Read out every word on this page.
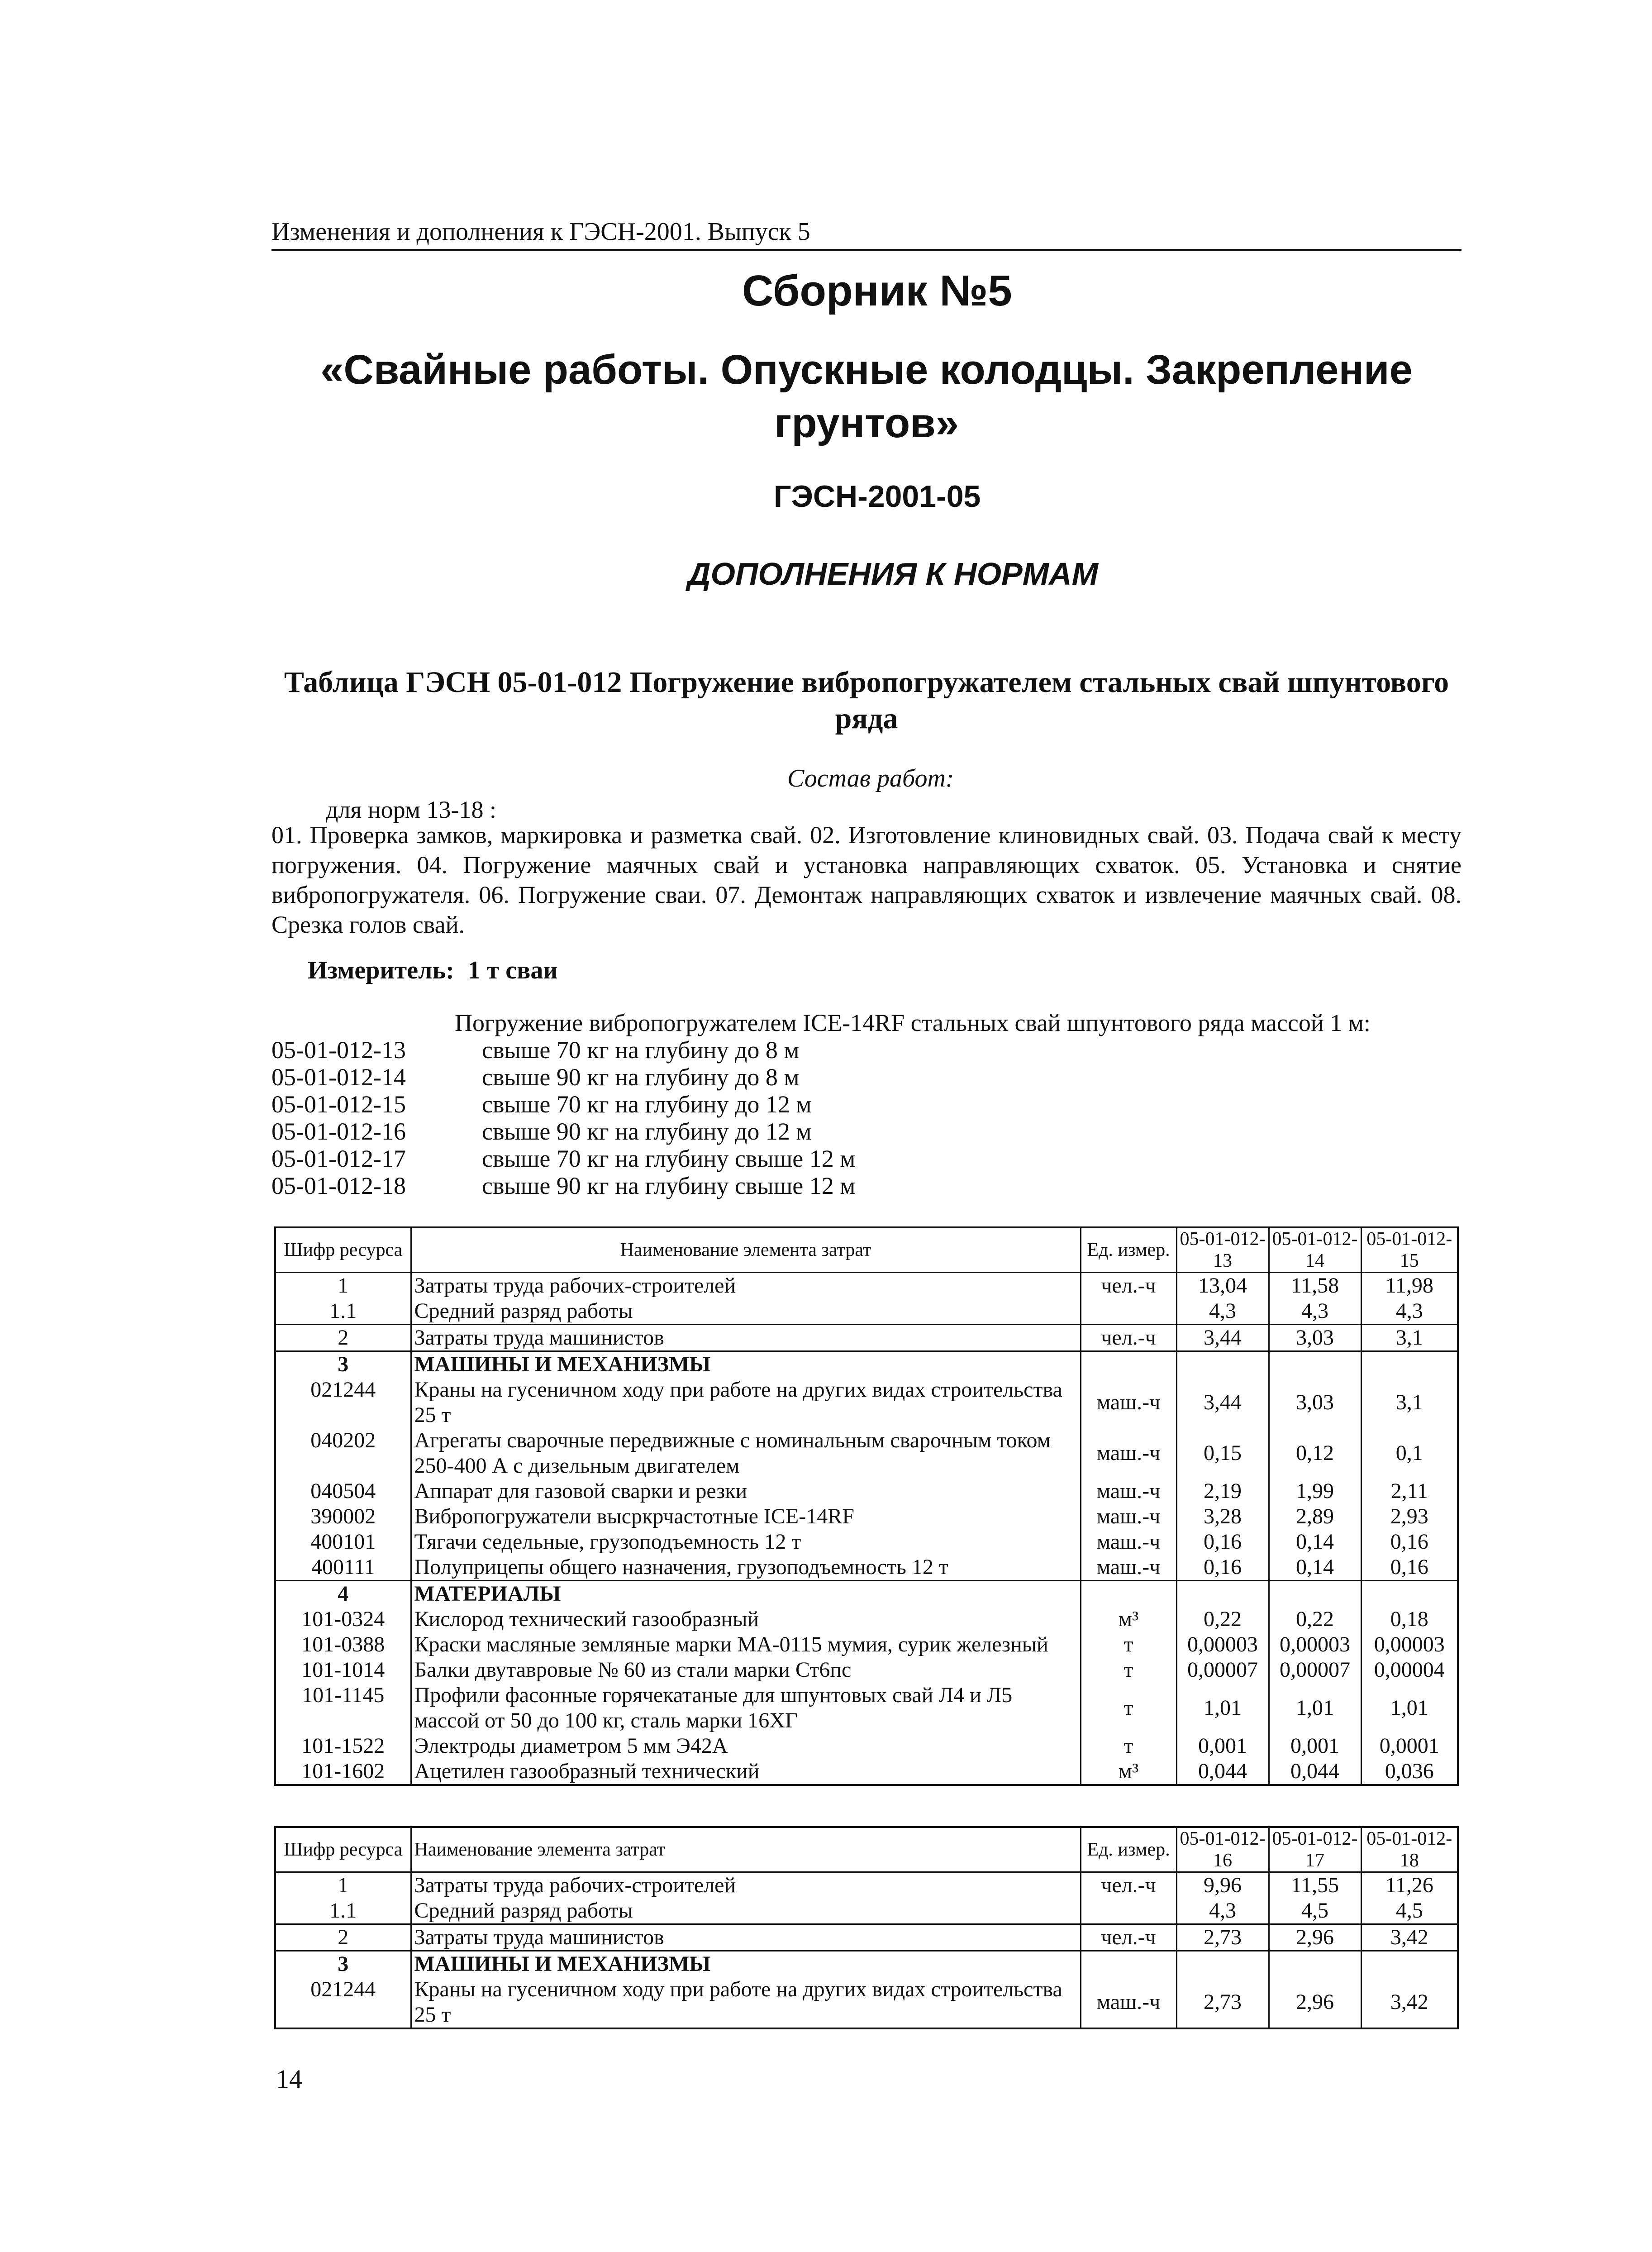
Изменения и дополнения к ГЭСН-2001. Выпуск 5
Сборник №5
«Свайные работы. Опускные колодцы. Закрепление грунтов»
ГЭСН-2001-05
ДОПОЛНЕНИЯ К НОРМАМ
Таблица ГЭСН 05-01-012 Погружение вибропогружателем стальных свай шпунтового ряда
Состав работ:
для норм 13-18 :
01. Проверка замков, маркировка и разметка свай. 02. Изготовление клиновидных свай. 03. Подача свай к месту погружения. 04. Погружение маячных свай и установка направляющих схваток. 05. Установка и снятие вибропогружателя. 06. Погружение сваи. 07. Демонтаж направляющих схваток и извлечение маячных свай. 08. Срезка голов свай.
Измеритель: 1 т сваи
Погружение вибропогружателем ICE-14RF стальных свай шпунтового ряда массой 1 м:
05-01-012-13	свыше 70 кг на глубину до 8 м
05-01-012-14	свыше 90 кг на глубину до 8 м
05-01-012-15	свыше 70 кг на глубину до 12 м
05-01-012-16	свыше 90 кг на глубину до 12 м
05-01-012-17	свыше 70 кг на глубину свыше 12 м
05-01-012-18	свыше 90 кг на глубину свыше 12 м
Шифр ресурса	Наименование элемента затрат	Ед. измер.	05-01-012-13	05-01-012-14	05-01-012-15
1	Затраты труда рабочих-строителей	чел.-ч	13,04	11,58	11,98
1.1	Средний разряд работы		4,3	4,3	4,3
2	Затраты труда машинистов	чел.-ч	3,44	3,03	3,1
3	МАШИНЫ И МЕХАНИЗМЫ				
021244	Краны на гусеничном ходу при работе на других видах строительства 25 т	маш.-ч	3,44	3,03	3,1
040202	Агрегаты сварочные передвижные с номинальным сварочным током 250-400 А с дизельным двигателем	маш.-ч	0,15	0,12	0,1
040504	Аппарат для газовой сварки и резки	маш.-ч	2,19	1,99	2,11
390002	Вибропогружатели высркрчастотные ICE-14RF	маш.-ч	3,28	2,89	2,93
400101	Тягачи седельные, грузоподъемность 12 т	маш.-ч	0,16	0,14	0,16
400111	Полуприцепы общего назначения, грузоподъемность 12 т	маш.-ч	0,16	0,14	0,16
4	МАТЕРИАЛЫ				
101-0324	Кислород технический газообразный	м³	0,22	0,22	0,18
101-0388	Краски масляные земляные марки МА-0115 мумия, сурик железный	т	0,00003	0,00003	0,00003
101-1014	Балки двутавровые № 60 из стали марки Ст6пс	т	0,00007	0,00007	0,00004
101-1145	Профили фасонные горячекатаные для шпунтовых свай Л4 и Л5 массой от 50 до 100 кг, сталь марки 16ХГ	т	1,01	1,01	1,01
101-1522	Электроды диаметром 5 мм Э42А	т	0,001	0,001	0,0001
101-1602	Ацетилен газообразный технический	м³	0,044	0,044	0,036
Шифр ресурса	Наименование элемента затрат	Ед. измер.	05-01-012-16	05-01-012-17	05-01-012-18
1	Затраты труда рабочих-строителей	чел.-ч	9,96	11,55	11,26
1.1	Средний разряд работы		4,3	4,5	4,5
2	Затраты труда машинистов	чел.-ч	2,73	2,96	3,42
3	МАШИНЫ И МЕХАНИЗМЫ				
021244	Краны на гусеничном ходу при работе на других видах строительства 25 т	маш.-ч	2,73	2,96	3,42
14
